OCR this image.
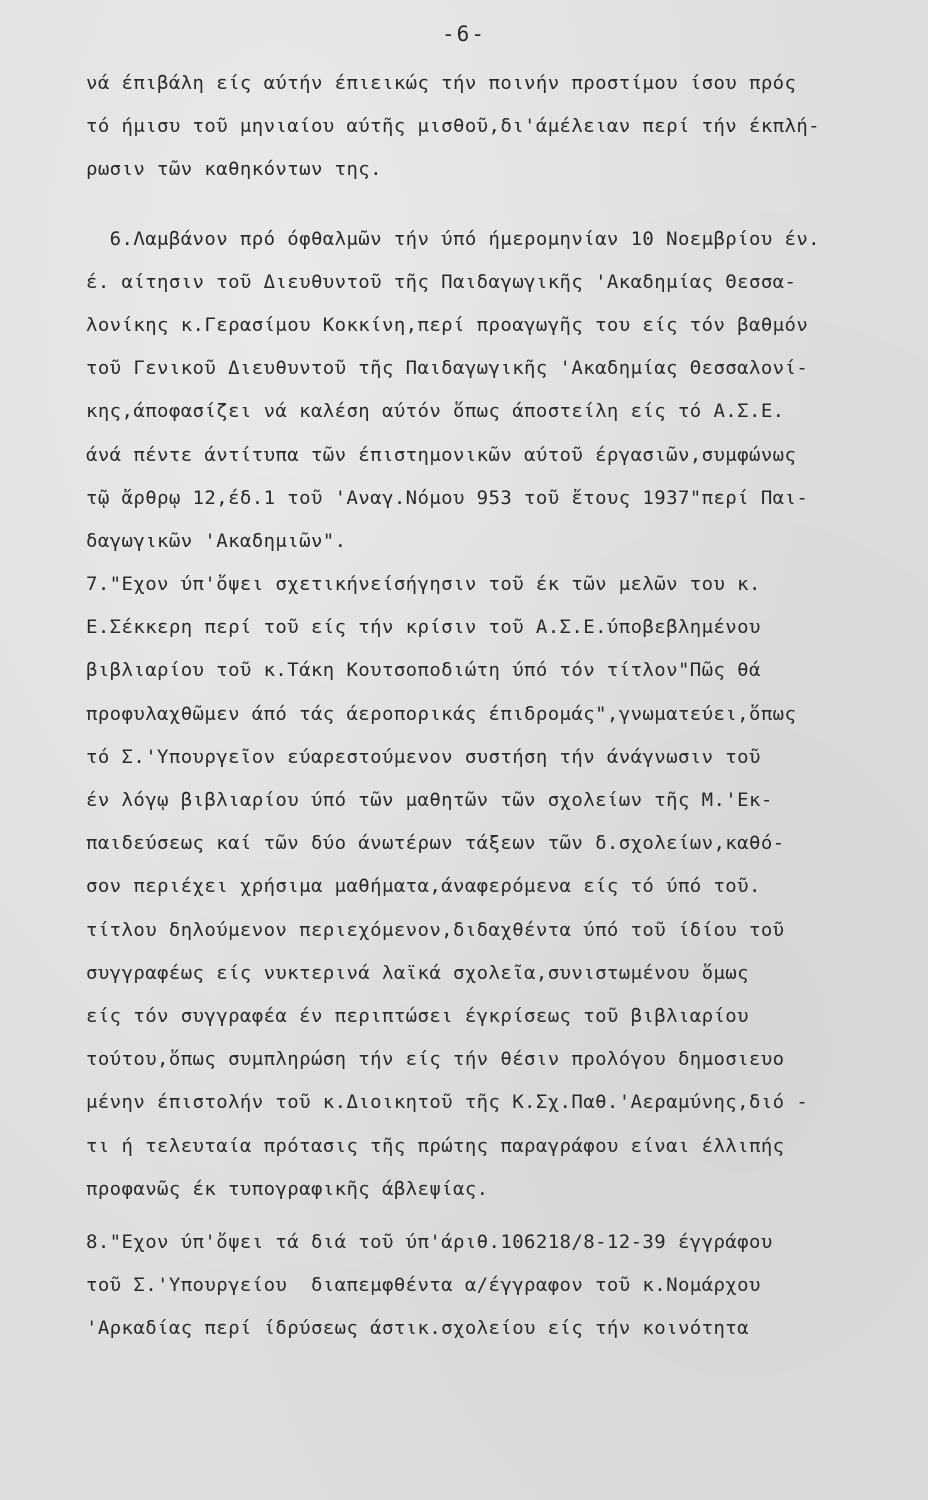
-6-
νά έπιβάλη είς αύτήν έπιεικώς τήν ποινήν προστίμου ίσου πρός
τό ήμισυ τοῦ μηνιαίου αύτῆς μισθοῦ,δι'άμέλειαν περί τήν έκπλή-
ρωσιν τῶν καθηκόντων της.
6.Λαμβάνον πρό όφθαλμῶν τήν ύπό ήμερομηνίαν 10 Νοεμβρίου έν.
έ. αίτησιν τοῦ Διευθυντοῦ τῆς Παιδαγωγικῆς 'Ακαδημίας Θεσσα-
λονίκης κ.Γερασίμου Κοκκίνη,περί προαγωγῆς του είς τόν βαθμόν
τοῦ Γενικοῦ Διευθυντοῦ τῆς Παιδαγωγικῆς 'Ακαδημίας Θεσσαλονί-
κης,άποφασίζει νά καλέση αύτόν ὅπως άποστείλη είς τό Α.Σ.Ε.
άνά πέντε άντίτυπα τῶν έπιστημονικῶν αύτοῦ έργασιῶν,συμφώνως
τῷ ἄρθρῳ 12,έδ.1 τοῦ 'Αναγ.Νόμου 953 τοῦ ἔτους 1937"περί Παι-
δαγωγικῶν 'Ακαδημιῶν".
7."Εχον ύπ'ὄψει σχετικήνείσήγησιν τοῦ έκ τῶν μελῶν του κ.
Ε.Σέκκερη περί τοῦ είς τήν κρίσιν τοῦ Α.Σ.Ε.ύποβεβλημένου
βιβλιαρίου τοῦ κ.Τάκη Κουτσοποδιώτη ύπό τόν τίτλον"Πῶς θά
προφυλαχθῶμεν άπό τάς άεροπορικάς έπιδρομάς",γνωματεύει,ὅπως
τό Σ.'Υπουργεῖον εύαρεστούμενον συστήση τήν άνάγνωσιν τοῦ
έν λόγῳ βιβλιαρίου ύπό τῶν μαθητῶν τῶν σχολείων τῆς Μ.'Εκ-
παιδεύσεως καί τῶν δύο άνωτέρων τάξεων τῶν δ.σχολείων,καθό-
σον περιέχει χρήσιμα μαθήματα,άναφερόμενα είς τό ύπό τοῦ.
τίτλου δηλούμενον περιεχόμενον,διδαχθέντα ύπό τοῦ ίδίου τοῦ
συγγραφέως είς νυκτερινά λαϊκά σχολεῖα,συνιστωμένου ὅμως
είς τόν συγγραφέα έν περιπτώσει έγκρίσεως τοῦ βιβλιαρίου
τούτου,ὅπως συμπληρώση τήν είς τήν θέσιν προλόγου δημοσιευο
μένην έπιστολήν τοῦ κ.Διοικητοῦ τῆς Κ.Σχ.Παθ.'Αεραμύνης,διό -
τι ή τελευταία πρότασις τῆς πρώτης παραγράφου είναι έλλιπής
προφανῶς έκ τυπογραφικῆς άβλεψίας.
8."Εχον ύπ'ὄψει τά διά τοῦ ύπ'άριθ.106218/8-12-39 έγγράφου
τοῦ Σ.'Υπουργείου  διαπεμφθέντα α/έγγραφον τοῦ κ.Νομάρχου
'Αρκαδίας περί ίδρύσεως άστικ.σχολείου είς τήν κοινότητα
